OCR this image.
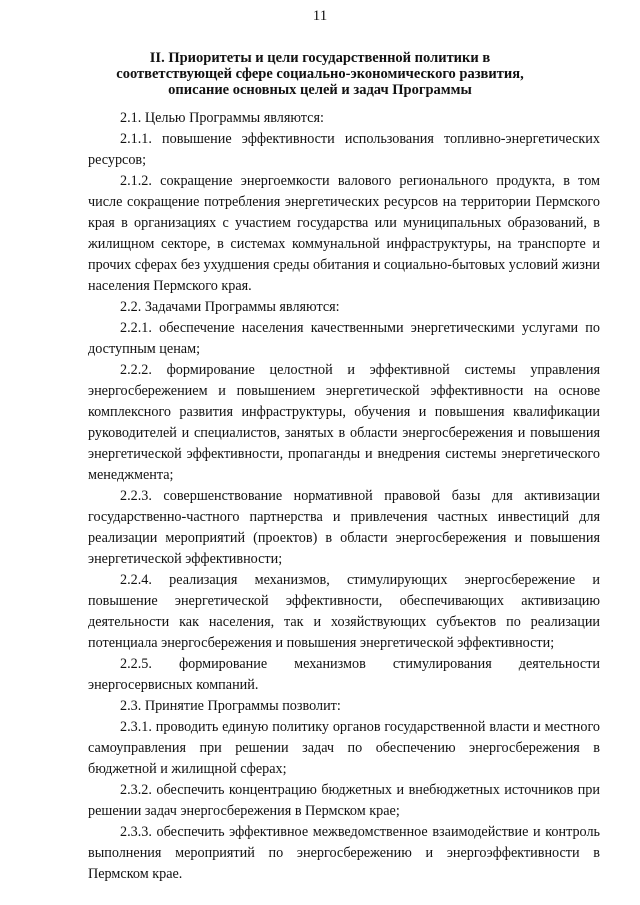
11
II. Приоритеты и цели государственной политики в
соответствующей сфере социально-экономического развития,
описание основных целей и задач Программы

2.1. Целью Программы являются:

2.1.1. повышение эффективности использования топливно-энергетических ресурсов;

2.1.2. сокращение энергоемкости валового регионального продукта, в том числе сокращение потребления энергетических ресурсов на территории Пермского края в организациях с участием государства или муниципальных образований, в жилищном секторе, в системах коммунальной инфраструктуры, на транспорте и прочих сферах без ухудшения среды обитания и социально-бытовых условий жизни населения Пермского края.

2.2. Задачами Программы являются:

2.2.1. обеспечение населения качественными энергетическими услугами по доступным ценам;

2.2.2. формирование целостной и эффективной системы управления энергосбережением и повышением энергетической эффективности на основе комплексного развития инфраструктуры, обучения и повышения квалификации руководителей и специалистов, занятых в области энергосбережения и повышения энергетической эффективности, пропаганды и внедрения системы энергетического менеджмента;

2.2.3. совершенствование нормативной правовой базы для активизации государственно-частного партнерства и привлечения частных инвестиций для реализации мероприятий (проектов) в области энергосбережения и повышения энергетической эффективности;

2.2.4. реализация механизмов, стимулирующих энергосбережение и повышение энергетической эффективности, обеспечивающих активизацию деятельности как населения, так и хозяйствующих субъектов по реализации потенциала энергосбережения и повышения энергетической эффективности;

2.2.5. формирование механизмов стимулирования деятельности энергосервисных компаний.

2.3. Принятие Программы позволит:

2.3.1. проводить единую политику органов государственной власти и местного самоуправления при решении задач по обеспечению энергосбережения в бюджетной и жилищной сферах;

2.3.2. обеспечить концентрацию бюджетных и внебюджетных источников при решении задач энергосбережения в Пермском крае;

2.3.3. обеспечить эффективное межведомственное взаимодействие и контроль выполнения мероприятий по энергосбережению и энергоэффективности в Пермском крае.
